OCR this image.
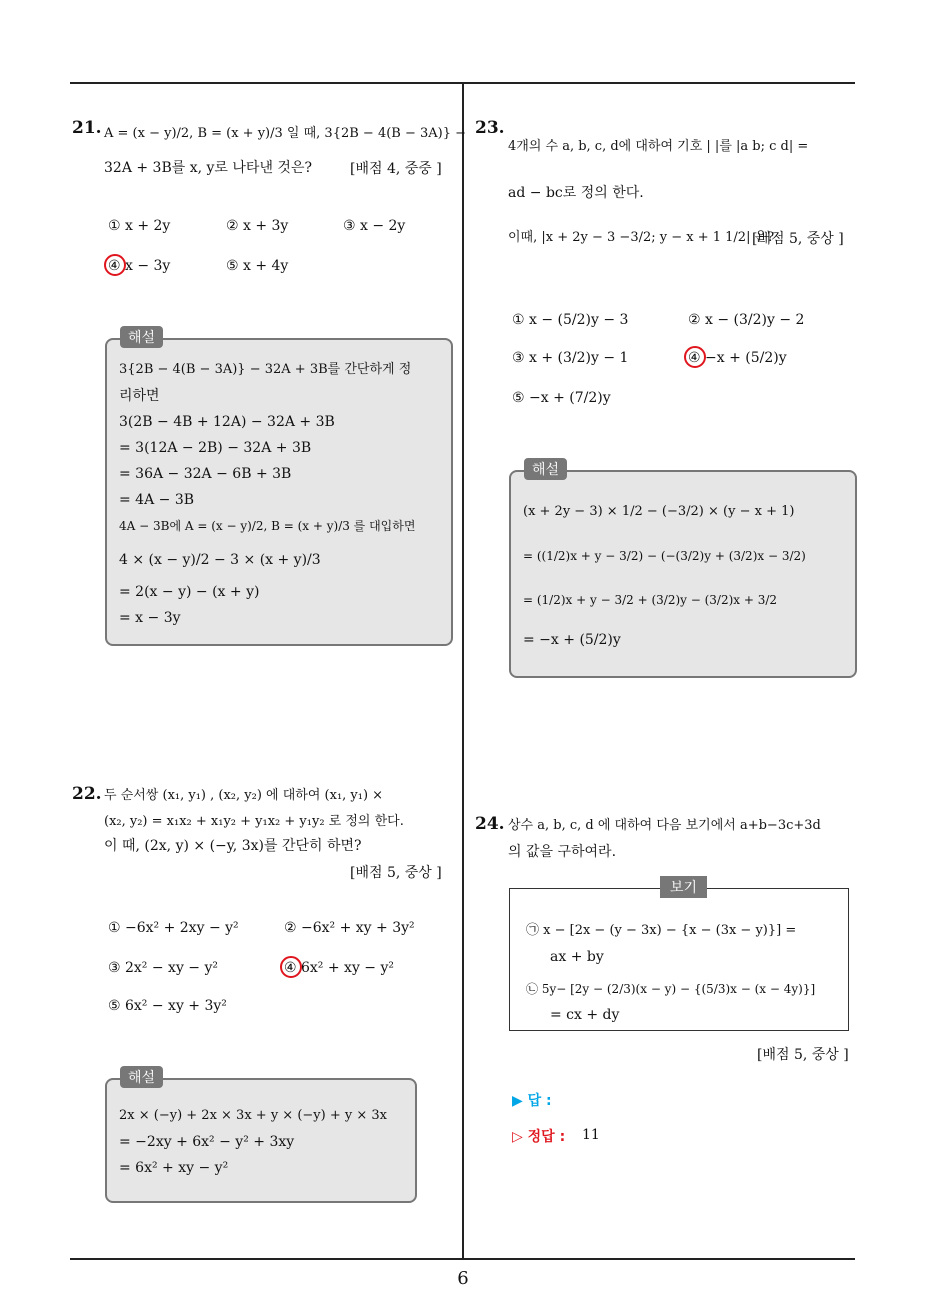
21. A = (x − y)/2, B = (x + y)/3 일 때, 3{2B − 4(B − 3A)} −
32A + 3B를 x, y로 나타낸 것은?	[배점 4, 중중 ]
① x + 2y	② x + 3y	③ x − 2y
④ x − 3y	⑤ x + 4y
3{2B − 4(B − 3A)} − 32A + 3B를 간단하게 정
리하면
3(2B − 4B + 12A) − 32A + 3B
= 3(12A − 2B) − 32A + 3B
= 36A − 32A − 6B + 3B
= 4A − 3B
4A − 3B에 A = (x − y)/2, B = (x + y)/3 를 대입하면
4 × (x − y)/2 − 3 × (x + y)/3
= 2(x − y) − (x + y)
= x − 3y
해설
22. 두 순서쌍 (x₁, y₁) , (x₂, y₂) 에 대하여 (x₁, y₁) ×
(x₂, y₂) = x₁x₂ + x₁y₂ + y₁x₂ + y₁y₂ 로 정의 한다.
이 때, (2x, y) × (−y, 3x)를 간단히 하면?
[배점 5, 중상 ]
① −6x² + 2xy − y²	② −6x² + xy + 3y²
③ 2x² − xy − y²	④ 6x² + xy − y²
⑤ 6x² − xy + 3y²
2x × (−y) + 2x × 3x + y × (−y) + y × 3x
= −2xy + 6x² − y² + 3xy
= 6x² + xy − y²
해설
23.
4개의 수 a, b, c, d에 대하여 기호 | |를 |a b; c d| =
ad − bc로 정의 한다.
이때, |x + 2y − 3 −3/2; y − x + 1 1/2| 은?
[배점 5, 중상 ]
① x − (5/2)y − 3	② x − (3/2)y − 2
③ x + (3/2)y − 1	④ −x + (5/2)y
⑤ −x + (7/2)y
(x + 2y − 3) × 1/2 − (−3/2) × (y − x + 1)
= ((1/2)x + y − 3/2) − (−(3/2)y + (3/2)x − 3/2)
= (1/2)x + y − 3/2 + (3/2)y − (3/2)x + 3/2
= −x + (5/2)y
해설
24. 상수 a, b, c, d 에 대하여 다음 보기에서 a+b−3c+3d
의 값을 구하여라.
㉠ x − [2x − (y − 3x) − {x − (3x − y)}] =
ax + by
㉡ 5y− [2y − (2/3)(x − y) − {(5/3)x − (x − 4y)}]
= cx + dy
보기
[배점 5, 중상 ]
▶ 답 :
▷ 정답 : 11
6
